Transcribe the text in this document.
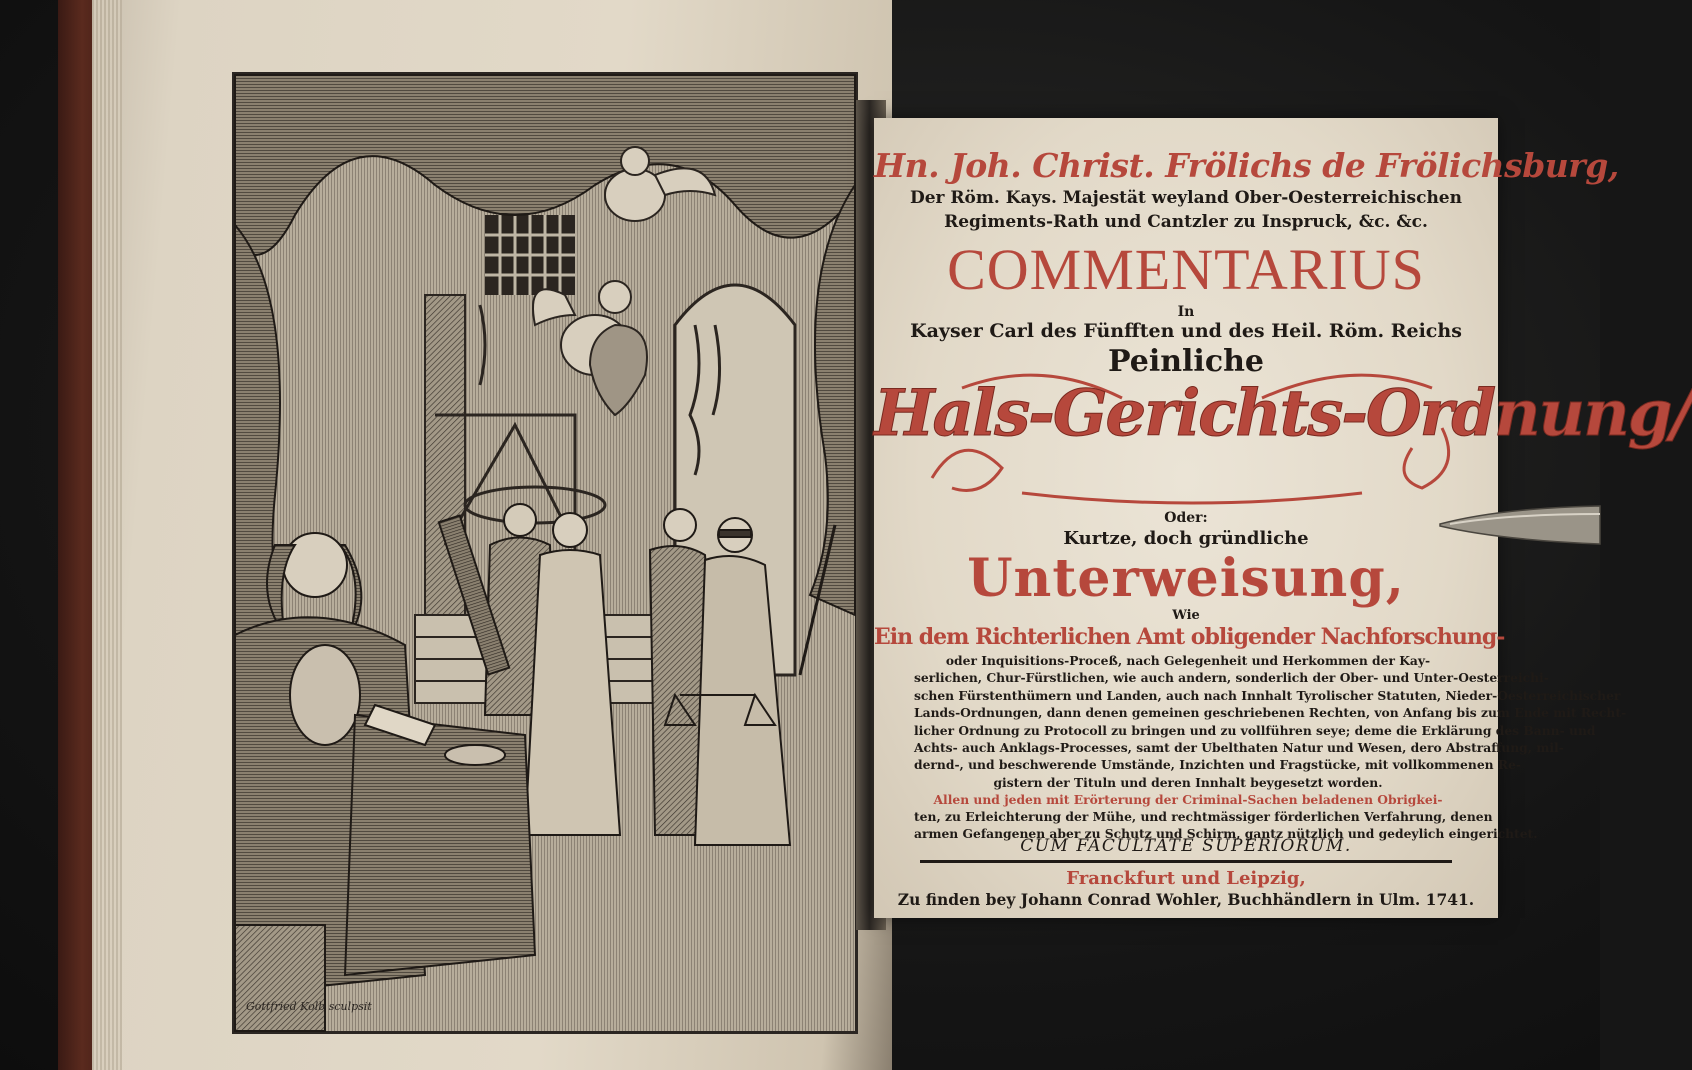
Gottfried Kolb sculpsit
Hn. Joh. Christ. Frölichs de Frölichsburg,
Der Röm. Kays. Majestät weyland Ober-Oesterreichischen
Regiments-Rath und Cantzler zu Inspruck, &c. &c.
COMMENTARIUS
In
Kayser Carl des Fünfften und des Heil. Röm. Reichs
Peinliche
Hals-Gerichts-Ordnung/
Oder:
Kurtze, doch gründliche
Unterweisung,
Wie
Ein dem Richterlichen Amt obligender Nachforschung-
oder Inquisitions-Proceß, nach Gelegenheit und Herkommen der Kay-
serlichen, Chur-Fürstlichen, wie auch andern, sonderlich der Ober- und Unter-Oesterreichi-
schen Fürstenthümern und Landen, auch nach Innhalt Tyrolischer Statuten, Nieder-Oesterreichischer
Lands-Ordnungen, dann denen gemeinen geschriebenen Rechten, von Anfang bis zum Ende mit Recht-
licher Ordnung zu Protocoll zu bringen und zu vollführen seye; deme die Erklärung des Bann- und
Achts- auch Anklags-Processes, samt der Ubelthaten Natur und Wesen, dero Abstraffung, mil-
dernd-, und beschwerende Umstände, Inzichten und Fragstücke, mit vollkommenen Re-
gistern der Tituln und deren Innhalt beygesetzt worden.
Allen und jeden mit Erörterung der Criminal-Sachen beladenen Obrigkei-
ten, zu Erleichterung der Mühe, und rechtmässiger förderlichen Verfahrung, denen
armen Gefangenen aber zu Schutz und Schirm, gantz nützlich und gedeylich eingerichtet.
CUM FACULTATE SUPERIORUM.
Franckfurt und Leipzig,
Zu finden bey Johann Conrad Wohler, Buchhändlern in Ulm. 1741.
